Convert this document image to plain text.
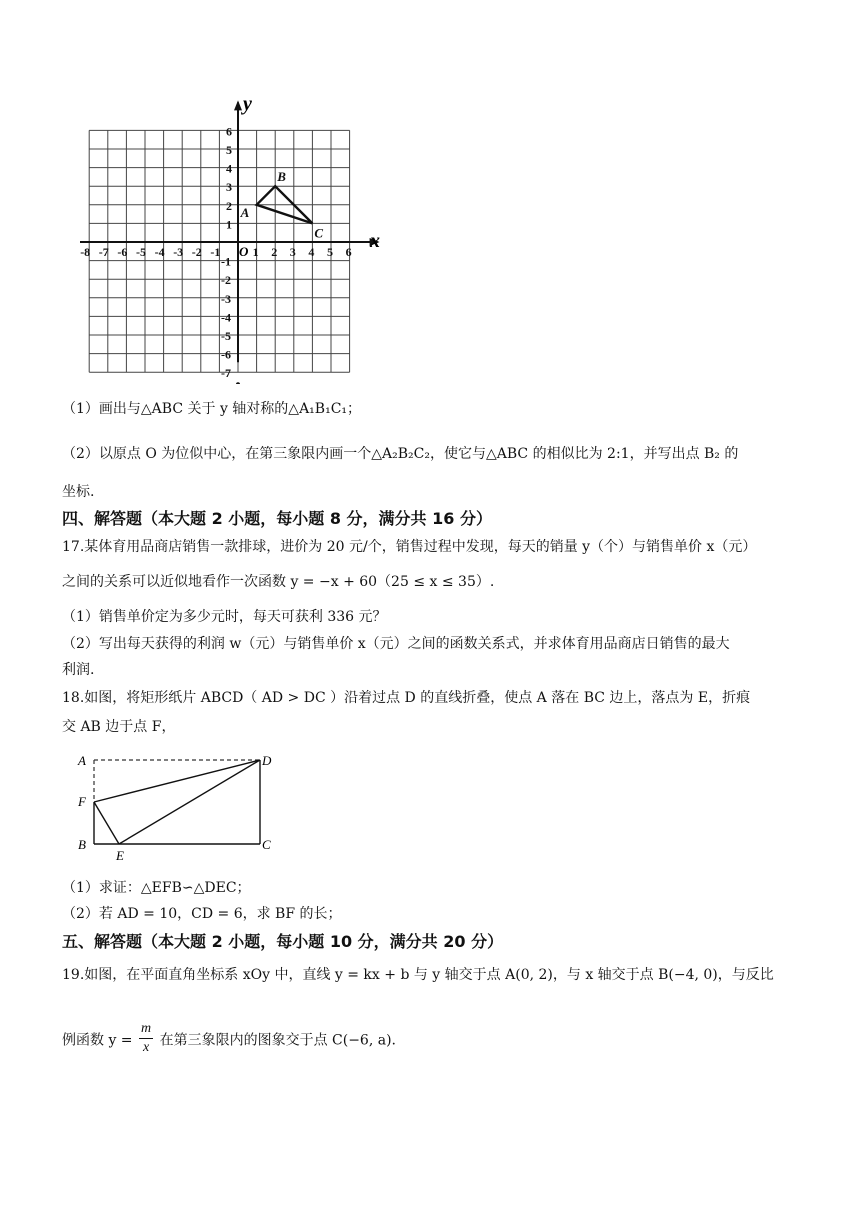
-8 -7 -6 -5 -4 -3 -2 -1	1 2 3 4 5 6
6
5
4
3
2
1
-1
-2
-3
-4
-5
-6
-7
A
B
C x
y
O
（1）画出与△ABC 关于 y 轴对称的△A₁B₁C₁；
（2）以原点 O 为位似中心，在第三象限内画一个△A₂B₂C₂，使它与△ABC 的相似比为 2:1，并写出点 B₂ 的
坐标.
四、解答题（本大题 2 小题，每小题 8 分，满分共 16 分）
17.某体育用品商店销售一款排球，进价为 20 元/个，销售过程中发现，每天的销量 y（个）与销售单价 x（元）
之间的关系可以近似地看作一次函数 y = −x + 60（25 ≤ x ≤ 35）.
（1）销售单价定为多少元时，每天可获利 336 元？
（2）写出每天获得的利润 w（元）与销售单价 x（元）之间的函数关系式，并求体育用品商店日销售的最大
利润.
18.如图，将矩形纸片 ABCD（ AD > DC ）沿着过点 D 的直线折叠，使点 A 落在 BC 边上，落点为 E，折痕
交 AB 边于点 F，
A	D
F
B
E
C
（1）求证：△EFB∽△DEC；
（2）若 AD = 10，CD = 6，求 BF 的长；
五、解答题（本大题 2 小题，每小题 10 分，满分共 20 分）
19.如图，在平面直角坐标系 xOy 中，直线 y = kx + b 与 y 轴交于点 A(0, 2)，与 x 轴交于点 B(−4, 0)，与反比
例函数 $y = \frac{m}{x}$ 在第三象限内的图象交于点 C(−6, a).
